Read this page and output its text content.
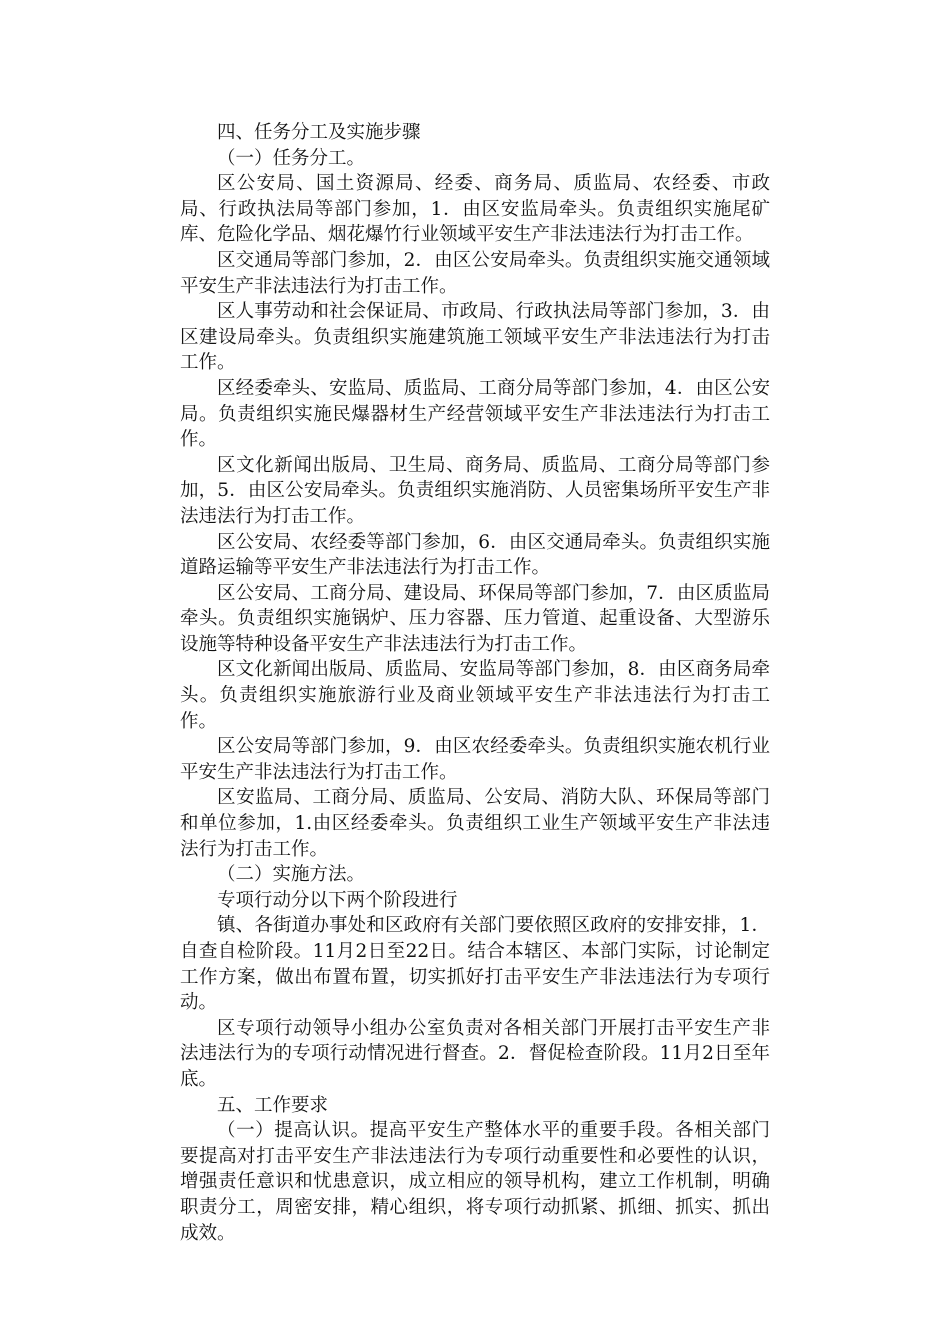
四、任务分工及实施步骤

（一）任务分工。

区公安局、国土资源局、经委、商务局、质监局、农经委、市政局、行政执法局等部门参加，1．由区安监局牵头。负责组织实施尾矿库、危险化学品、烟花爆竹行业领域平安生产非法违法行为打击工作。

区交通局等部门参加，2．由区公安局牵头。负责组织实施交通领域平安生产非法违法行为打击工作。

区人事劳动和社会保证局、市政局、行政执法局等部门参加，3．由区建设局牵头。负责组织实施建筑施工领域平安生产非法违法行为打击工作。

区经委牵头、安监局、质监局、工商分局等部门参加，4．由区公安局。负责组织实施民爆器材生产经营领域平安生产非法违法行为打击工作。

区文化新闻出版局、卫生局、商务局、质监局、工商分局等部门参加，5．由区公安局牵头。负责组织实施消防、人员密集场所平安生产非法违法行为打击工作。

区公安局、农经委等部门参加，6．由区交通局牵头。负责组织实施道路运输等平安生产非法违法行为打击工作。

区公安局、工商分局、建设局、环保局等部门参加，7．由区质监局牵头。负责组织实施锅炉、压力容器、压力管道、起重设备、大型游乐设施等特种设备平安生产非法违法行为打击工作。

区文化新闻出版局、质监局、安监局等部门参加，8．由区商务局牵头。负责组织实施旅游行业及商业领域平安生产非法违法行为打击工作。

区公安局等部门参加，9．由区农经委牵头。负责组织实施农机行业平安生产非法违法行为打击工作。

区安监局、工商分局、质监局、公安局、消防大队、环保局等部门和单位参加，1.由区经委牵头。负责组织工业生产领域平安生产非法违法行为打击工作。

（二）实施方法。

专项行动分以下两个阶段进行

镇、各街道办事处和区政府有关部门要依照区政府的安排安排，1．自查自检阶段。11月2日至22日。结合本辖区、本部门实际，讨论制定工作方案，做出布置布置，切实抓好打击平安生产非法违法行为专项行动。

区专项行动领导小组办公室负责对各相关部门开展打击平安生产非法违法行为的专项行动情况进行督查。2．督促检查阶段。11月2日至年底。

五、工作要求

（一）提高认识。提高平安生产整体水平的重要手段。各相关部门要提高对打击平安生产非法违法行为专项行动重要性和必要性的认识，增强责任意识和忧患意识，成立相应的领导机构，建立工作机制，明确职责分工，周密安排，精心组织，将专项行动抓紧、抓细、抓实、抓出成效。
